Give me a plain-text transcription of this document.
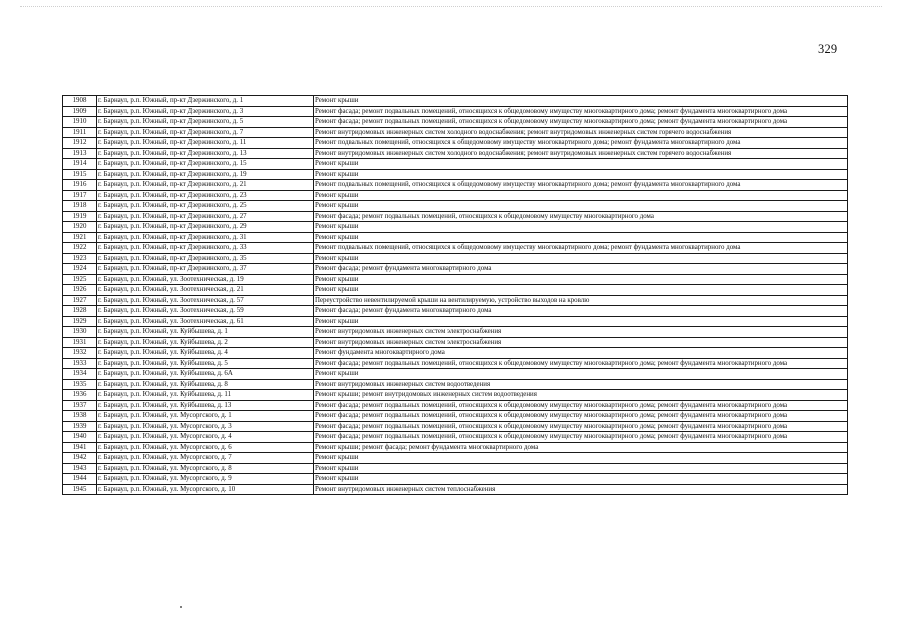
329
1908	г. Барнаул, р.п. Южный, пр-кт Дзержинского, д. 1	Ремонт крыши
1909	г. Барнаул, р.п. Южный, пр-кт Дзержинского, д. 3	Ремонт фасада; ремонт подвальных помещений, относящихся к общедомовому имуществу многоквартирного дома; ремонт фундамента многоквартирного дома
1910	г. Барнаул, р.п. Южный, пр-кт Дзержинского, д. 5	Ремонт фасада; ремонт подвальных помещений, относящихся к общедомовому имуществу многоквартирного дома; ремонт фундамента многоквартирного дома
1911	г. Барнаул, р.п. Южный, пр-кт Дзержинского, д. 7	Ремонт внутридомовых инженерных систем холодного водоснабжения; ремонт внутридомовых инженерных систем горячего водоснабжения
1912	г. Барнаул, р.п. Южный, пр-кт Дзержинского, д. 11	Ремонт подвальных помещений, относящихся к общедомовому имуществу многоквартирного дома; ремонт фундамента многоквартирного дома
1913	г. Барнаул, р.п. Южный, пр-кт Дзержинского, д. 13	Ремонт внутридомовых инженерных систем холодного водоснабжения; ремонт внутридомовых инженерных систем горячего водоснабжения
1914	г. Барнаул, р.п. Южный, пр-кт Дзержинского, д. 15	Ремонт крыши
1915	г. Барнаул, р.п. Южный, пр-кт Дзержинского, д. 19	Ремонт крыши
1916	г. Барнаул, р.п. Южный, пр-кт Дзержинского, д. 21	Ремонт подвальных помещений, относящихся к общедомовому имуществу многоквартирного дома; ремонт фундамента многоквартирного дома
1917	г. Барнаул, р.п. Южный, пр-кт Дзержинского, д. 23	Ремонт крыши
1918	г. Барнаул, р.п. Южный, пр-кт Дзержинского, д. 25	Ремонт крыши
1919	г. Барнаул, р.п. Южный, пр-кт Дзержинского, д. 27	Ремонт фасада; ремонт подвальных помещений, относящихся к общедомовому имуществу многоквартирного дома
1920	г. Барнаул, р.п. Южный, пр-кт Дзержинского, д. 29	Ремонт крыши
1921	г. Барнаул, р.п. Южный, пр-кт Дзержинского, д. 31	Ремонт крыши
1922	г. Барнаул, р.п. Южный, пр-кт Дзержинского, д. 33	Ремонт подвальных помещений, относящихся к общедомовому имуществу многоквартирного дома; ремонт фундамента многоквартирного дома
1923	г. Барнаул, р.п. Южный, пр-кт Дзержинского, д. 35	Ремонт крыши
1924	г. Барнаул, р.п. Южный, пр-кт Дзержинского, д. 37	Ремонт фасада; ремонт фундамента многоквартирного дома
1925	г. Барнаул, р.п. Южный, ул. Зоотехническая, д. 19	Ремонт крыши
1926	г. Барнаул, р.п. Южный, ул. Зоотехническая, д. 21	Ремонт крыши
1927	г. Барнаул, р.п. Южный, ул. Зоотехническая, д. 57	Переустройство невентилируемой крыши на вентилируемую, устройство выходов на кровлю
1928	г. Барнаул, р.п. Южный, ул. Зоотехническая, д. 59	Ремонт фасада; ремонт фундамента многоквартирного дома
1929	г. Барнаул, р.п. Южный, ул. Зоотехническая, д. 61	Ремонт крыши
1930	г. Барнаул, р.п. Южный, ул. Куйбышева, д. 1	Ремонт внутридомовых инженерных систем электроснабжения
1931	г. Барнаул, р.п. Южный, ул. Куйбышева, д. 2	Ремонт внутридомовых инженерных систем электроснабжения
1932	г. Барнаул, р.п. Южный, ул. Куйбышева, д. 4	Ремонт фундамента многоквартирного дома
1933	г. Барнаул, р.п. Южный, ул. Куйбышева, д. 5	Ремонт фасада; ремонт подвальных помещений, относящихся к общедомовому имуществу многоквартирного дома; ремонт фундамента многоквартирного дома
1934	г. Барнаул, р.п. Южный, ул. Куйбышева, д. 6А	Ремонт крыши
1935	г. Барнаул, р.п. Южный, ул. Куйбышева, д. 8	Ремонт внутридомовых инженерных систем водоотведения
1936	г. Барнаул, р.п. Южный, ул. Куйбышева, д. 11	Ремонт крыши; ремонт внутридомовых инженерных систем водоотведения
1937	г. Барнаул, р.п. Южный, ул. Куйбышева, д. 13	Ремонт фасада; ремонт подвальных помещений, относящихся к общедомовому имуществу многоквартирного дома; ремонт фундамента многоквартирного дома
1938	г. Барнаул, р.п. Южный, ул. Мусоргского, д. 1	Ремонт фасада; ремонт подвальных помещений, относящихся к общедомовому имуществу многоквартирного дома; ремонт фундамента многоквартирного дома
1939	г. Барнаул, р.п. Южный, ул. Мусоргского, д. 3	Ремонт фасада; ремонт подвальных помещений, относящихся к общедомовому имуществу многоквартирного дома; ремонт фундамента многоквартирного дома
1940	г. Барнаул, р.п. Южный, ул. Мусоргского, д. 4	Ремонт фасада; ремонт подвальных помещений, относящихся к общедомовому имуществу многоквартирного дома; ремонт фундамента многоквартирного дома
1941	г. Барнаул, р.п. Южный, ул. Мусоргского, д. 6	Ремонт крыши; ремонт фасада; ремонт фундамента многоквартирного дома
1942	г. Барнаул, р.п. Южный, ул. Мусоргского, д. 7	Ремонт крыши
1943	г. Барнаул, р.п. Южный, ул. Мусоргского, д. 8	Ремонт крыши
1944	г. Барнаул, р.п. Южный, ул. Мусоргского, д. 9	Ремонт крыши
1945	г. Барнаул, р.п. Южный, ул. Мусоргского, д. 10	Ремонт внутридомовых инженерных систем теплоснабжения
